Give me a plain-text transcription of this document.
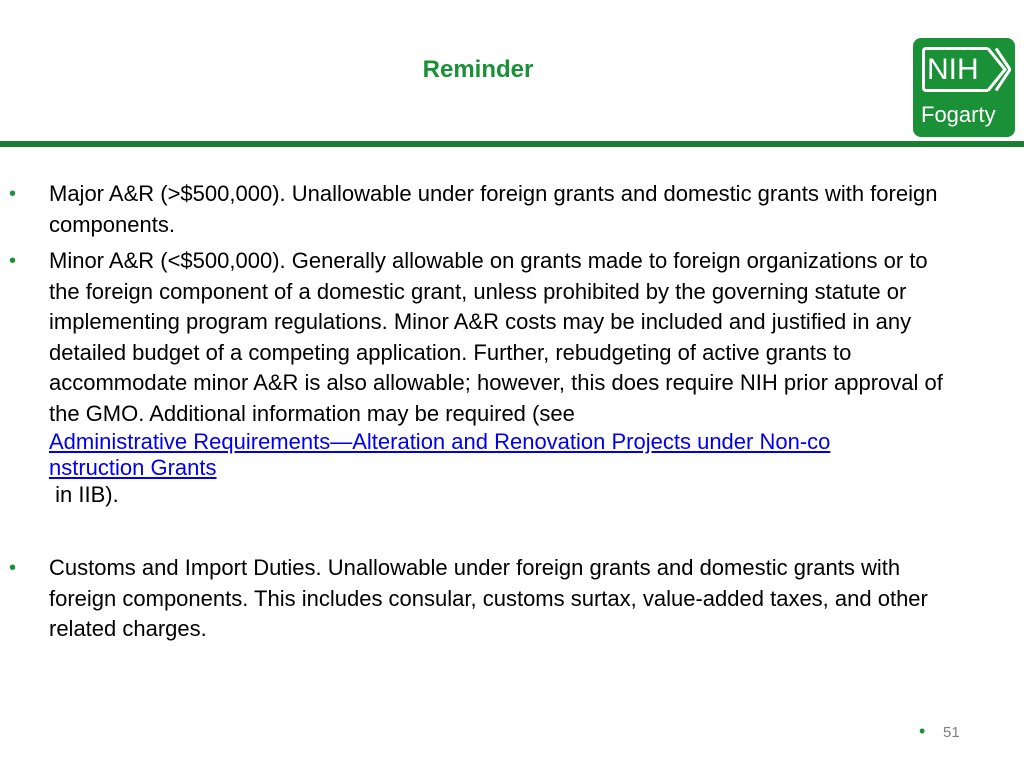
Reminder	NIH
Fogarty
•	Major A&R (>$500,000). Unallowable under foreign grants and domestic grants with foreign components.
•	Minor A&R (<$500,000). Generally allowable on grants made to foreign organizations or to the foreign component of a domestic grant, unless prohibited by the governing statute or implementing program regulations. Minor A&R costs may be included and justified in any detailed budget of a competing application. Further, rebudgeting of active grants to accommodate minor A&R is also allowable; however, this does require NIH prior approval of the GMO. Additional information may be required (see
Administrative Requirements—Alteration and Renovation Projects under Non-co
nstruction Grants
in IIB).
•	Customs and Import Duties. Unallowable under foreign grants and domestic grants with foreign components. This includes consular, customs surtax, value-added taxes, and other related charges.
• 51
